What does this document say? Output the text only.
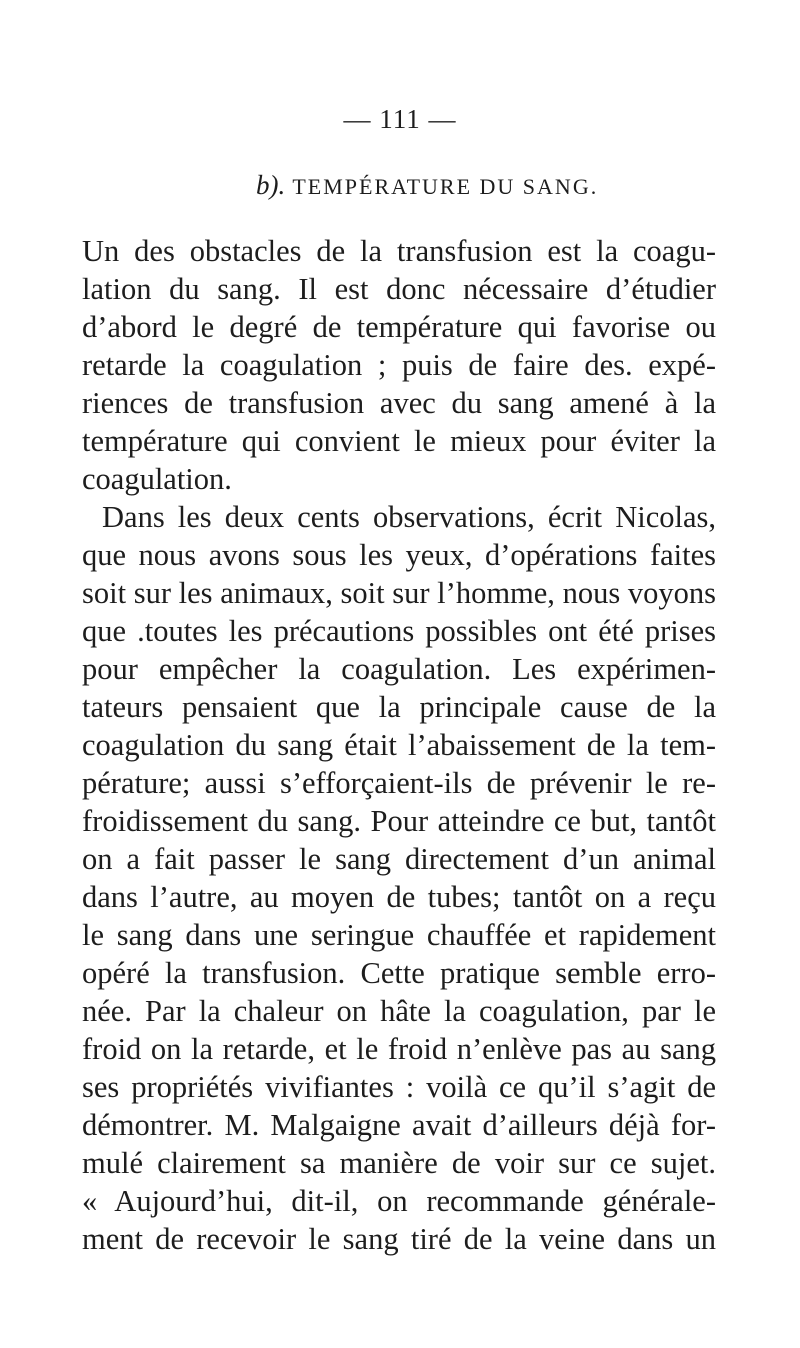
— 111 —
b). TEMPÉRATURE DU SANG.
Un des obstacles de la transfusion est la coagu-
lation du sang. Il est donc nécessaire d’étudier
d’abord le degré de température qui favorise ou
retarde la coagulation ; puis de faire des. expé-
riences de transfusion avec du sang amené à la
température qui convient le mieux pour éviter la
coagulation.
Dans les deux cents observations, écrit Nicolas,
que nous avons sous les yeux, d’opérations faites
soit sur les animaux, soit sur l’homme, nous voyons
que .toutes les précautions possibles ont été prises
pour empêcher la coagulation. Les expérimen-
tateurs pensaient que la principale cause de la
coagulation du sang était l’abaissement de la tem-
pérature; aussi s’efforçaient-ils de prévenir le re-
froidissement du sang. Pour atteindre ce but, tantôt
on a fait passer le sang directement d’un animal
dans l’autre, au moyen de tubes; tantôt on a reçu
le sang dans une seringue chauffée et rapidement
opéré la transfusion. Cette pratique semble erro-
née. Par la chaleur on hâte la coagulation, par le
froid on la retarde, et le froid n’enlève pas au sang
ses propriétés vivifiantes : voilà ce qu’il s’agit de
démontrer. M. Malgaigne avait d’ailleurs déjà for-
mulé clairement sa manière de voir sur ce sujet.
« Aujourd’hui, dit-il, on recommande générale-
ment de recevoir le sang tiré de la veine dans un
